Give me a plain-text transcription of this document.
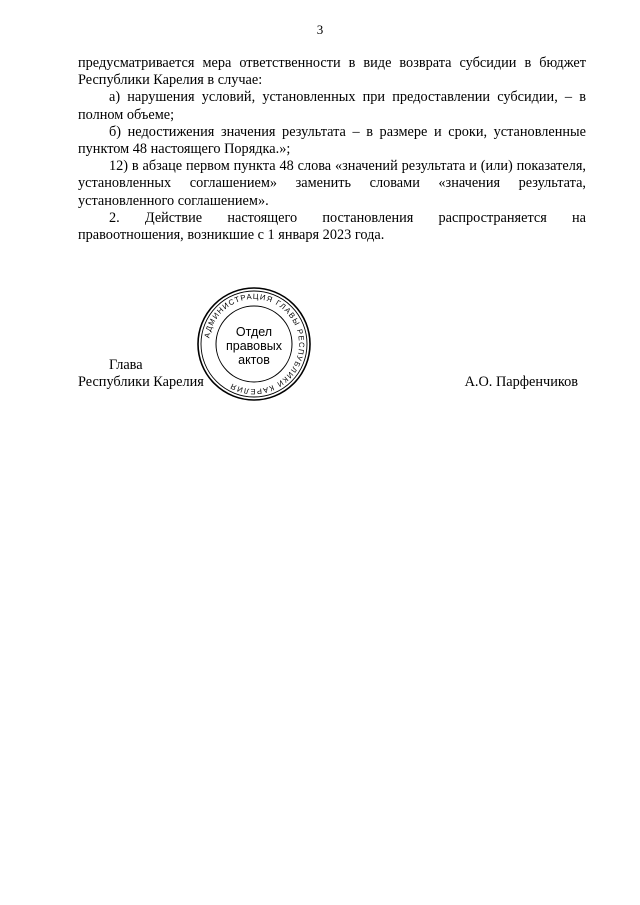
3

предусматривается мера ответственности в виде возврата субсидии в бюджет Республики Карелия в случае:

а) нарушения условий, установленных при предоставлении субсидии, – в полном объеме;

б) недостижения значения результата – в размере и сроки, установленные пунктом 48 настоящего Порядка.»;

12) в абзаце первом пункта 48 слова «значений результата и (или) показателя, установленных соглашением» заменить словами «значения результата, установленного соглашением».

2. Действие настоящего постановления распространяется на правоотношения, возникшие с 1 января 2023 года.

АДМИНИСТРАЦИЯ ГЛАВЫ РЕСПУБЛИКИ КАРЕЛИЯ
Отдел
правовых
актов
Глава
Республики Карелия	А.О. Парфенчиков
